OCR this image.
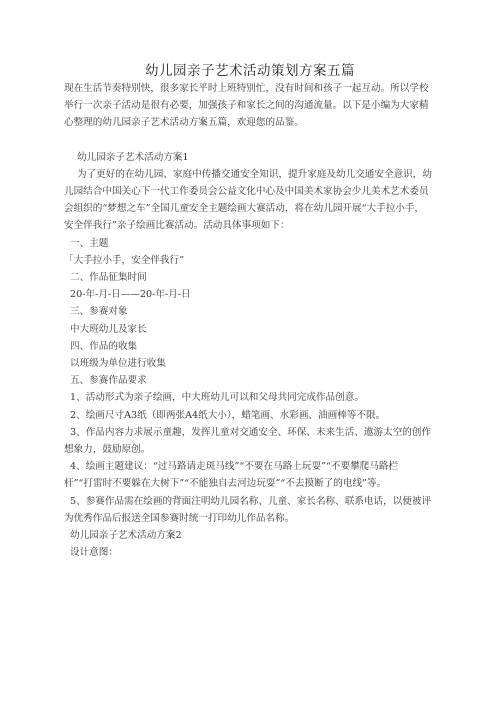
幼儿园亲子艺术活动策划方案五篇

现在生活节奏特别快，很多家长平时上班特别忙，没有时间和孩子一起互动。所以学校

举行一次亲子活动是很有必要，加强孩子和家长之间的沟通流量。以下是小编为大家精

心整理的幼儿园亲子艺术活动方案五篇，欢迎您的品鉴。

幼儿园亲子艺术活动方案1

为了更好的在幼儿园、家庭中传播交通安全知识，提升家庭及幼儿交通安全意识，幼

儿园结合中国关心下一代工作委员会公益文化中心及中国美术家协会少儿美术艺术委员

会组织的“梦想之车”全国儿童安全主题绘画大赛活动，将在幼儿园开展“大手拉小手，

安全伴我行”亲子绘画比赛活动。活动具体事项如下：

一、主题

「大手拉小手，安全伴我行”

二、作品征集时间

20-年-月-日——20-年-月-日

三、参赛对象

中大班幼儿及家长

四、作品的收集

以班级为单位进行收集

五、参赛作品要求

1、活动形式为亲子绘画，中大班幼儿可以和父母共同完成作品创意。

2、绘画尺寸A3纸（即两张A4纸大小），蜡笔画、水彩画、油画棒等不限。

3、作品内容力求展示童趣，发挥儿童对交通安全、环保、未来生活、遨游太空的创作

想象力，鼓励原创。

4、绘画主题建议：“过马路请走斑马线”“不要在马路上玩耍”“不要攀爬马路栏

杆”“打雷时不要躲在大树下”“不能独自去河边玩耍”“不去摸断了的电线”等。

5、参赛作品需在绘画的背面注明幼儿园名称、儿童、家长名称、联系电话，以便被评

为优秀作品后报送全国参赛时统一打印幼儿作品名称。

幼儿园亲子艺术活动方案2

设计意图：
